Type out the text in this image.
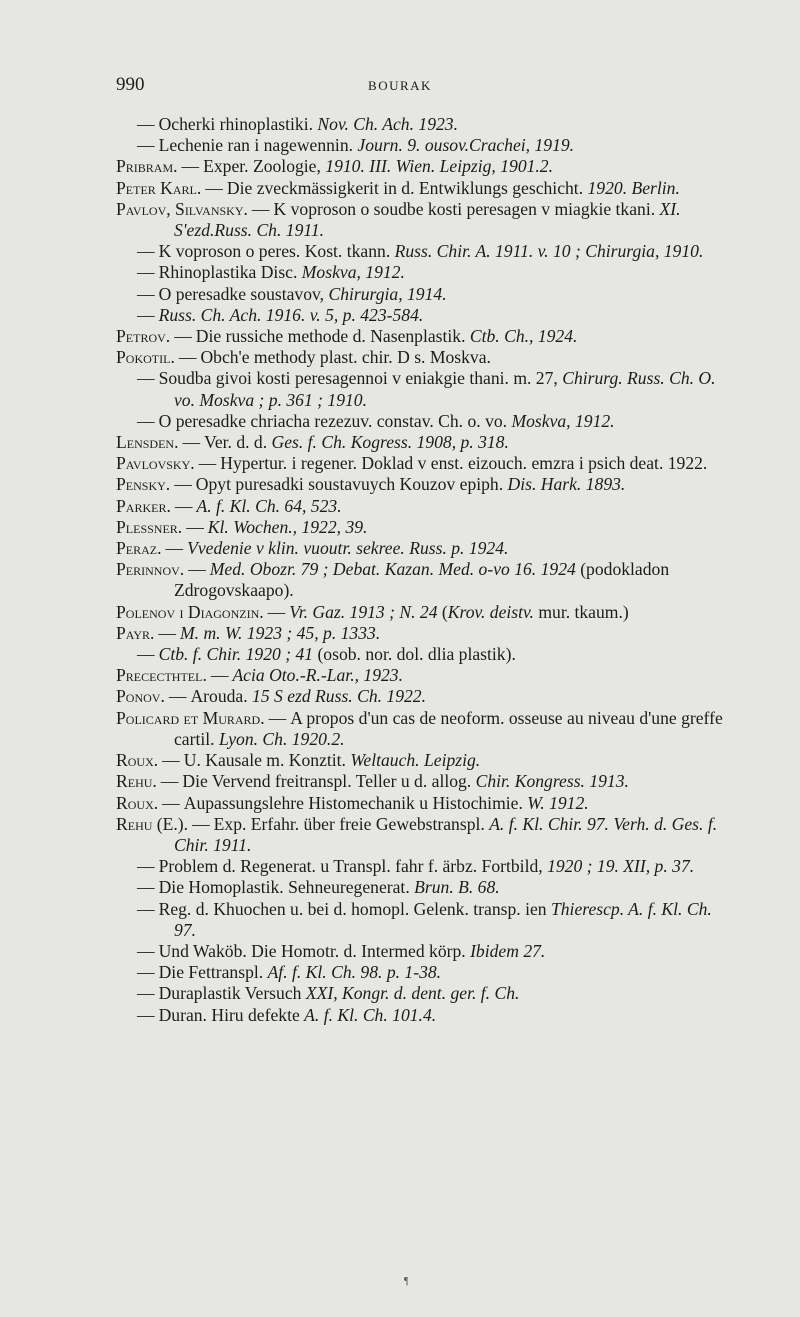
990	BOURAK
— Ocherki rhinoplastiki. Nov. Ch. Ach. 1923.
— Lechenie ran i nagewennin. Journ. 9. ousov.Crachei, 1919.
Pribram. — Exper. Zoologie, 1910. III. Wien. Leipzig, 1901.2.
Peter Karl. — Die zveckmässigkerit in d. Entwiklungs geschicht. 1920. Berlin.
Pavlov, Silvansky. — K voproson o soudbe kosti peresagen v miagkie tkani. XI. S'ezd.Russ. Ch. 1911.
— K voproson o peres. Kost. tkann. Russ. Chir. A. 1911. v. 10 ; Chirurgia, 1910.
— Rhinoplastika Disc. Moskva, 1912.
— O peresadke soustavov, Chirurgia, 1914.
— Russ. Ch. Ach. 1916. v. 5, p. 423-584.
Petrov. — Die russiche methode d. Nasenplastik. Ctb. Ch., 1924.
Pokotil. — Obch'e methody plast. chir. D s. Moskva.
— Soudba givoi kosti peresagennoi v eniakgie thani. m. 27, Chirurg. Russ. Ch. O. vo. Moskva ; p. 361 ; 1910.
— O peresadke chriacha rezezuv. constav. Ch. o. vo. Moskva, 1912.
Lensden. — Ver. d. d. Ges. f. Ch. Kogress. 1908, p. 318.
Pavlovsky. — Hypertur. i regener. Doklad v enst. eizouch. emzra i psich deat. 1922.
Pensky. — Opyt puresadki soustavuych Kouzov epiph. Dis. Hark. 1893.
Parker. — A. f. Kl. Ch. 64, 523.
Plessner. — Kl. Wochen., 1922, 39.
Peraz. — Vvedenie v klin. vuoutr. sekree. Russ. p. 1924.
Perinnov. — Med. Obozr. 79 ; Debat. Kazan. Med. o-vo 16. 1924 (podokladon Zdrogovskaapo).
Polenov i Diagonzin. — Vr. Gaz. 1913 ; N. 24 (Krov. deistv. mur. tkaum.)
Payr. — M. m. W. 1923 ; 45, p. 1333.
— Ctb. f. Chir. 1920 ; 41 (osob. nor. dol. dlia plastik).
Prececthtel. — Acia Oto.-R.-Lar., 1923.
Ponov. — Arouda. 15 S ezd Russ. Ch. 1922.
Policard et Murard. — A propos d'un cas de neoform. osseuse au niveau d'une greffe cartil. Lyon. Ch. 1920.2.
Roux. — U. Kausale m. Konztit. Weltauch. Leipzig.
Rehu. — Die Vervend freitranspl. Teller u d. allog. Chir. Kongress. 1913.
Roux. — Aupassungslehre Histomechanik u Histochimie. W. 1912.
Rehu (E.). — Exp. Erfahr. über freie Gewebstranspl. A. f. Kl. Chir. 97. Verh. d. Ges. f. Chir. 1911.
— Problem d. Regenerat. u Transpl. fahr f. ärbz. Fortbild, 1920 ; 19. XII, p. 37.
— Die Homoplastik. Sehneuregenerat. Brun. B. 68.
— Reg. d. Khuochen u. bei d. homopl. Gelenk. transp. ien Thierescp. A. f. Kl. Ch. 97.
— Und Waköb. Die Homotr. d. Intermed körp. Ibidem 27.
— Die Fettranspl. Af. f. Kl. Ch. 98. p. 1-38.
— Duraplastik Versuch XXI, Kongr. d. dent. ger. f. Ch.
— Duran. Hiru defekte A. f. Kl. Ch. 101.4.
¶
